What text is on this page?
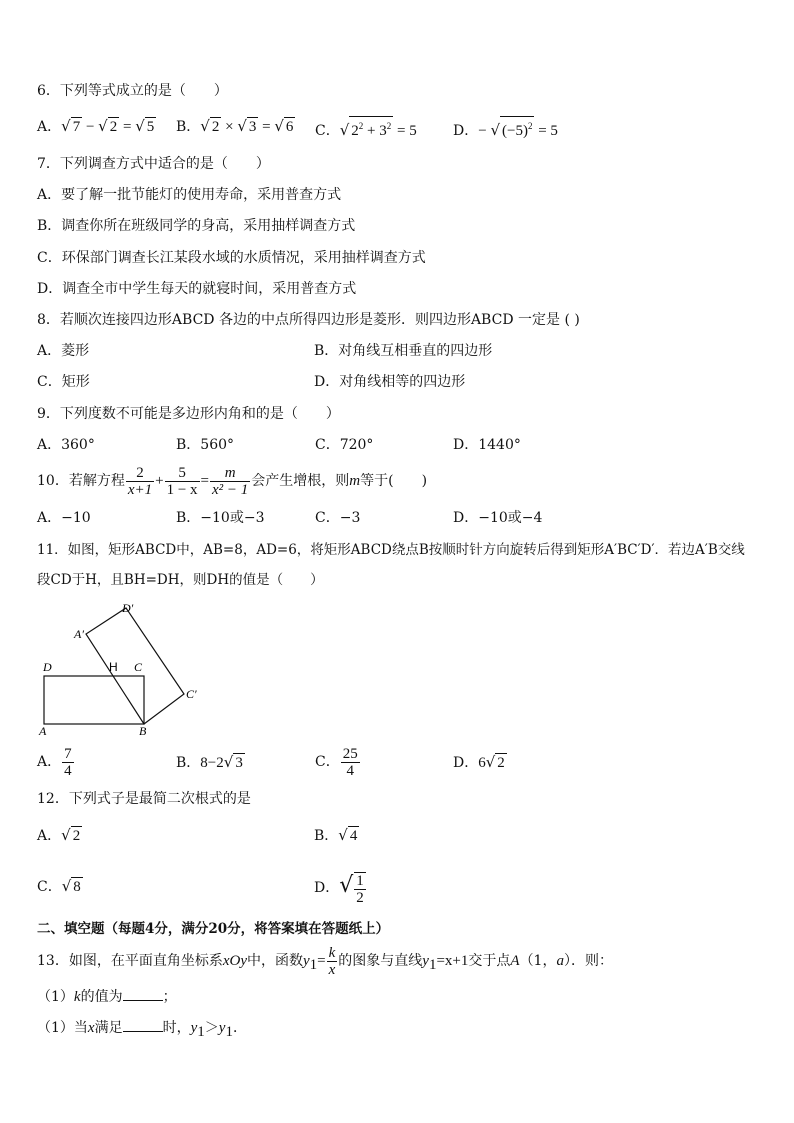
6．下列等式成立的是（　　）
A．√ 7 − √ 2 = √ 5 B．√ 2 × √ 3 = √ 6 C．√ $2^2 + 3^2 = 5$	D．− √ $(-5)^2 = 5$
7．下列调查方式中适合的是（　　）
A．要了解一批节能灯的使用寿命，采用普查方式
B．调查你所在班级同学的身高，采用抽样调查方式
C．环保部门调查长江某段水域的水质情况，采用抽样调查方式
D．调查全市中学生每天的就寝时间，采用普查方式
8．若顺次连接四边形ABCD 各边的中点所得四边形是菱形．则四边形ABCD 一定是 ( )
A．菱形	B．对角线互相垂直的四边形
C．矩形	D．对角线相等的四边形
9．下列度数不可能是多边形内角和的是（　　）
A．360°	B．560°	C．720°	D．1440°
10．若解方程 $\frac{2}{x+1} + \frac{5}{1 - x} = \frac{m}{\text{x² − 1}}$ 会产生增根，则m等于(　　)
A．−10	B．−10或−3	C．−3	D．−10或−4
11．如图，矩形ABCD中，AB=8，AD=6，将矩形ABCD绕点B按顺时针方向旋转后得到矩形A′BC′D′．若边A′B交线
段CD于H，且BH=DH，则DH的值是（　　）
D′
A′
D	H C
C′
A	B
A． $\frac{7}{4}$	B．8−2√ 3	C． $\frac{25}{4}$	D．6√ 2
12．下列式子是最简二次根式的是
A．√ 2	B．√ 4
C．√ 8	D．√ $\frac{1}{2}$
二、填空题（每题4分，满分20分，将答案填在答题纸上）
13．如图，在平面直角坐标系xOy中，函数$y_1= \frac{k}{x}$ 的图象与直线$y_1=x+1$交于点A（1，a）．则：
（1）k的值为	；
（1）当x满足	时，$y_1>y_1$．
